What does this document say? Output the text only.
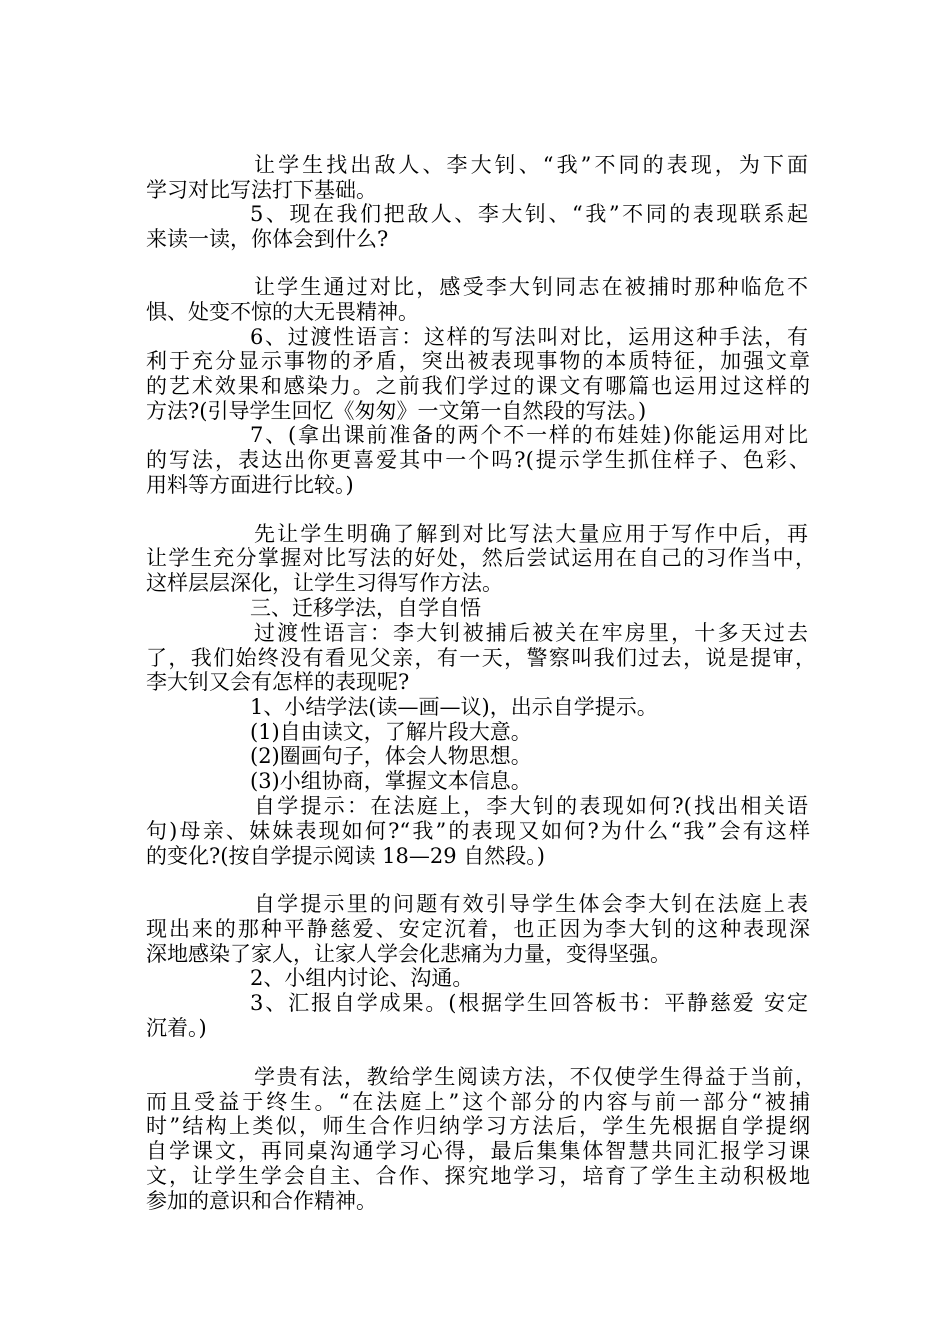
让学生找出敌人、李大钊、“我”不同的表现，为下面
学习对比写法打下基础。
5、现在我们把敌人、李大钊、“我”不同的表现联系起
来读一读，你体会到什么?
让学生通过对比，感受李大钊同志在被捕时那种临危不
惧、处变不惊的大无畏精神。
6、过渡性语言：这样的写法叫对比，运用这种手法，有
利于充分显示事物的矛盾，突出被表现事物的本质特征，加强文章
的艺术效果和感染力。之前我们学过的课文有哪篇也运用过这样的
方法?(引导学生回忆《匆匆》一文第一自然段的写法。)
7、(拿出课前准备的两个不一样的布娃娃)你能运用对比
的写法，表达出你更喜爱其中一个吗?(提示学生抓住样子、色彩、
用料等方面进行比较。)
先让学生明确了解到对比写法大量应用于写作中后，再
让学生充分掌握对比写法的好处，然后尝试运用在自己的习作当中，
这样层层深化，让学生习得写作方法。
三、迁移学法，自学自悟
过渡性语言：李大钊被捕后被关在牢房里，十多天过去
了，我们始终没有看见父亲，有一天，警察叫我们过去，说是提审，
李大钊又会有怎样的表现呢?
1、小结学法(读—画—议)，出示自学提示。
(1)自由读文，了解片段大意。
(2)圈画句子，体会人物思想。
(3)小组协商，掌握文本信息。
自学提示：在法庭上，李大钊的表现如何?(找出相关语
句)母亲、妹妹表现如何?“我”的表现又如何?为什么“我”会有这样
的变化?(按自学提示阅读 18—29 自然段。)
自学提示里的问题有效引导学生体会李大钊在法庭上表
现出来的那种平静慈爱、安定沉着，也正因为李大钊的这种表现深
深地感染了家人，让家人学会化悲痛为力量，变得坚强。
2、小组内讨论、沟通。
3、汇报自学成果。(根据学生回答板书：平静慈爱 安定
沉着。)
学贵有法，教给学生阅读方法，不仅使学生得益于当前，
而且受益于终生。“在法庭上”这个部分的内容与前一部分“被捕
时”结构上类似，师生合作归纳学习方法后，学生先根据自学提纲
自学课文，再同桌沟通学习心得，最后集集体智慧共同汇报学习课
文，让学生学会自主、合作、探究地学习，培育了学生主动积极地
参加的意识和合作精神。
